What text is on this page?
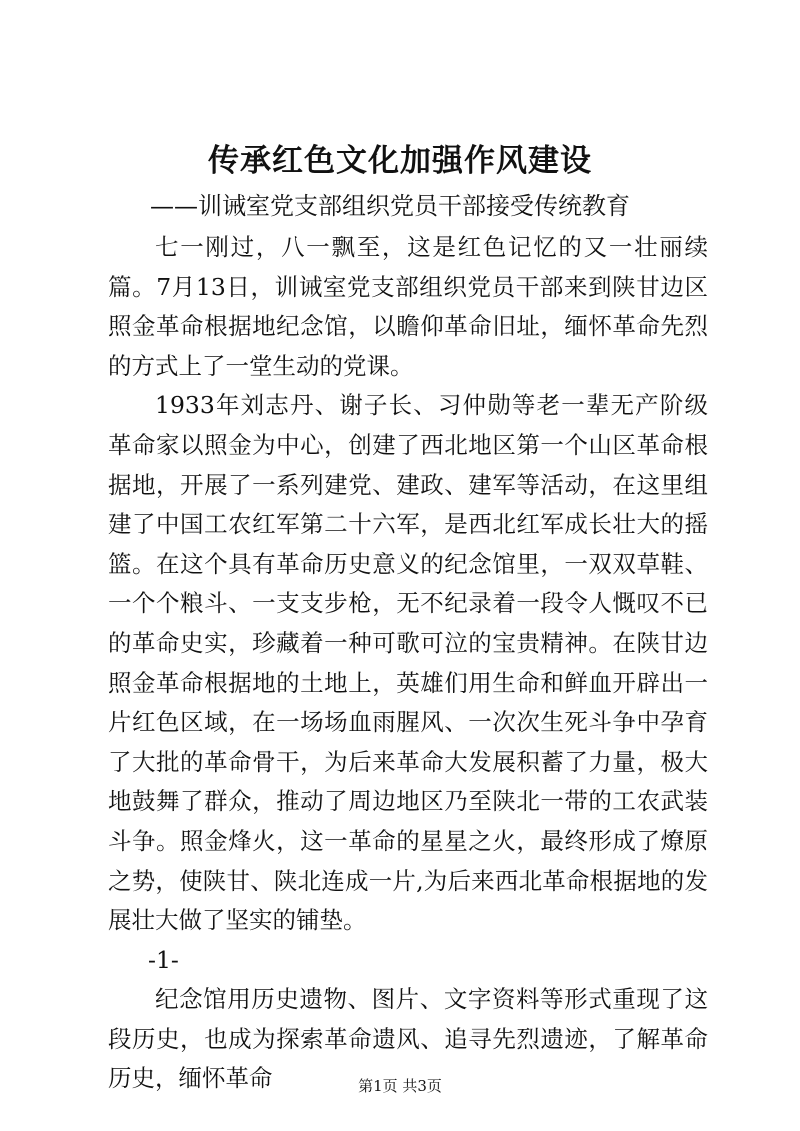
传承红色文化加强作风建设

——训诫室党支部组织党员干部接受传统教育

七一刚过，八一飘至，这是红色记忆的又一壮丽续篇。7月13日，训诫室党支部组织党员干部来到陕甘边区照金革命根据地纪念馆，以瞻仰革命旧址，缅怀革命先烈的方式上了一堂生动的党课。

1933年刘志丹、谢子长、习仲勋等老一辈无产阶级革命家以照金为中心，创建了西北地区第一个山区革命根据地，开展了一系列建党、建政、建军等活动，在这里组建了中国工农红军第二十六军，是西北红军成长壮大的摇篮。在这个具有革命历史意义的纪念馆里，一双双草鞋、一个个粮斗、一支支步枪，无不纪录着一段令人慨叹不已的革命史实，珍藏着一种可歌可泣的宝贵精神。在陕甘边照金革命根据地的土地上，英雄们用生命和鲜血开辟出一片红色区域，在一场场血雨腥风、一次次生死斗争中孕育了大批的革命骨干，为后来革命大发展积蓄了力量，极大地鼓舞了群众，推动了周边地区乃至陕北一带的工农武装斗争。照金烽火，这一革命的星星之火，最终形成了燎原之势，使陕甘、陕北连成一片,为后来西北革命根据地的发展壮大做了坚实的铺垫。

-1-

纪念馆用历史遗物、图片、文字资料等形式重现了这段历史，也成为探索革命遗风、追寻先烈遗迹，了解革命历史，缅怀革命	第1页 共3页
